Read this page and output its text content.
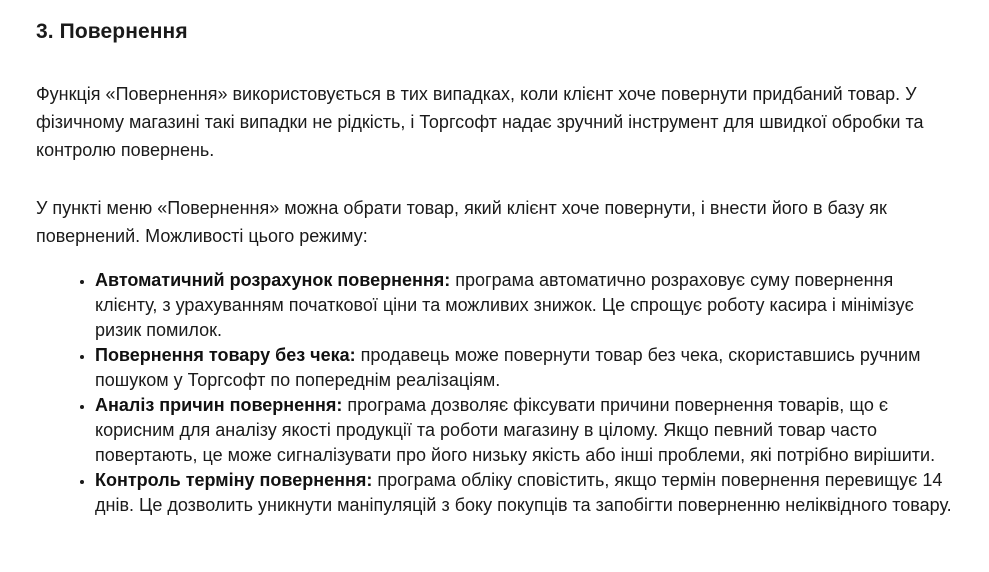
3. Повернення

Функція «Повернення» використовується в тих випадках, коли клієнт хоче повернути придбаний товар. У фізичному магазині такі випадки не рідкість, і Торгсофт надає зручний інструмент для швидкої обробки та контролю повернень.

У пункті меню «Повернення» можна обрати товар, який клієнт хоче повернути, і внести його в базу як повернений. Можливості цього режиму:

• Автоматичний розрахунок повернення: програма автоматично розраховує суму повернення клієнту, з урахуванням початкової ціни та можливих знижок. Це спрощує роботу касира і мінімізує ризик помилок.
• Повернення товару без чека: продавець може повернути товар без чека, скориставшись ручним пошуком у Торгсофт по попереднім реалізаціям.
• Аналіз причин повернення: програма дозволяє фіксувати причини повернення товарів, що є корисним для аналізу якості продукції та роботи магазину в цілому. Якщо певний товар часто повертають, це може сигналізувати про його низьку якість або інші проблеми, які потрібно вирішити.
• Контроль терміну повернення: програма обліку сповістить, якщо термін повернення перевищує 14 днів. Це дозволить уникнути маніпуляцій з боку покупців та запобігти поверненню неліквідного товару.
